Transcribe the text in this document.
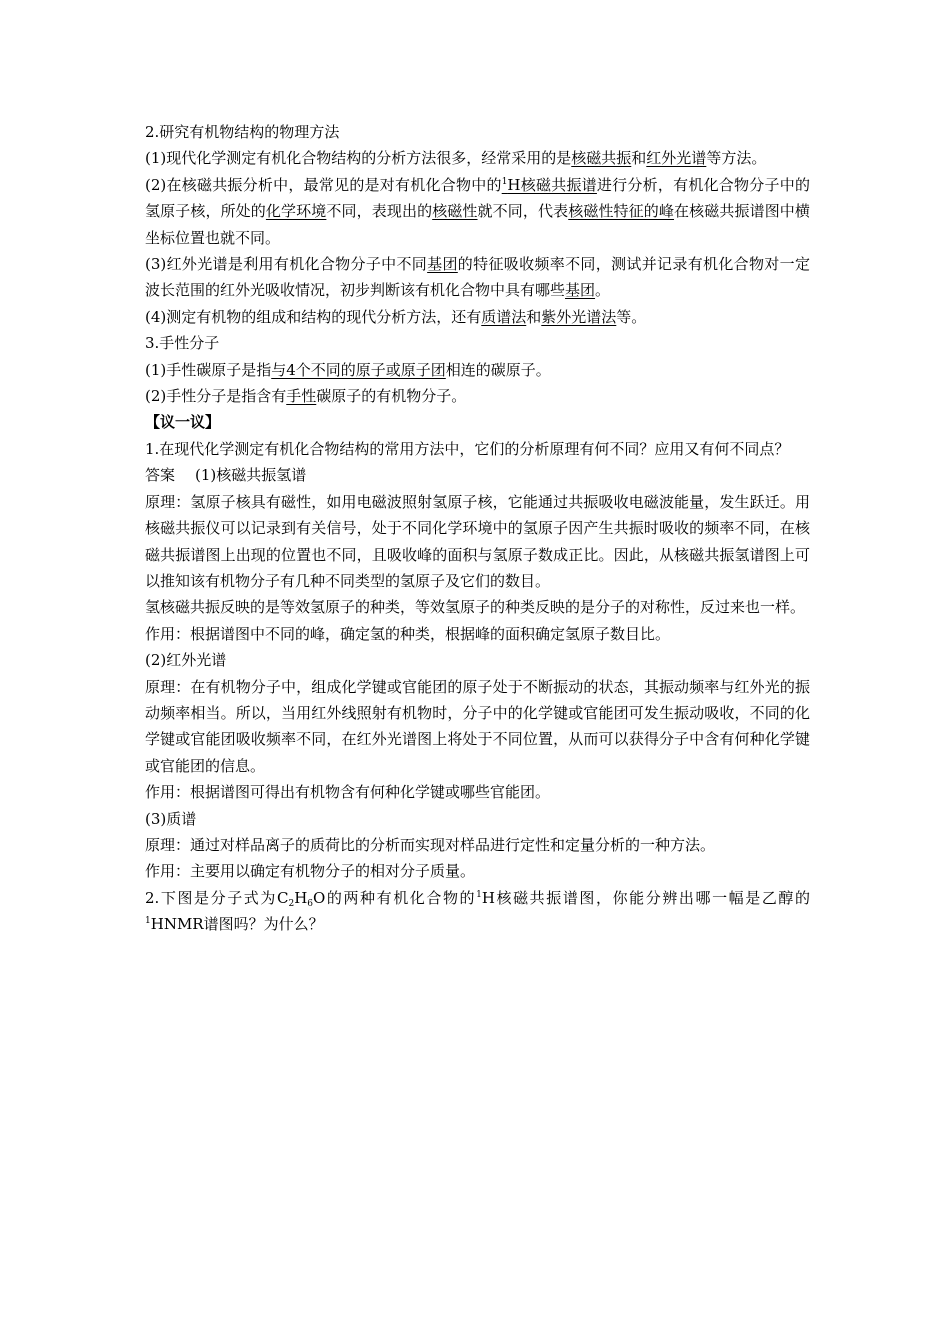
2.研究有机物结构的物理方法

(1)现代化学测定有机化合物结构的分析方法很多，经常采用的是核磁共振和红外光谱等方法。

(2)在核磁共振分析中，最常见的是对有机化合物中的$^1$H核磁共振谱进行分析，有机化合物分子中的氢原子核，所处的化学环境不同，表现出的核磁性就不同，代表核磁性特征的峰在核磁共振谱图中横坐标位置也就不同。

(3)红外光谱是利用有机化合物分子中不同基团的特征吸收频率不同，测试并记录有机化合物对一定波长范围的红外光吸收情况，初步判断该有机化合物中具有哪些基团。

(4)测定有机物的组成和结构的现代分析方法，还有质谱法和紫外光谱法等。

3.手性分子

(1)手性碳原子是指与4个不同的原子或原子团相连的碳原子。

(2)手性分子是指含有手性碳原子的有机物分子。

【议一议】

1.在现代化学测定有机化合物结构的常用方法中，它们的分析原理有何不同？应用又有何不同点？

答案 (1)核磁共振氢谱

原理：氢原子核具有磁性，如用电磁波照射氢原子核，它能通过共振吸收电磁波能量，发生跃迁。用核磁共振仪可以记录到有关信号，处于不同化学环境中的氢原子因产生共振时吸收的频率不同，在核磁共振谱图上出现的位置也不同，且吸收峰的面积与氢原子数成正比。因此，从核磁共振氢谱图上可以推知该有机物分子有几种不同类型的氢原子及它们的数目。

氢核磁共振反映的是等效氢原子的种类，等效氢原子的种类反映的是分子的对称性，反过来也一样。

作用：根据谱图中不同的峰，确定氢的种类，根据峰的面积确定氢原子数目比。

(2)红外光谱

原理：在有机物分子中，组成化学键或官能团的原子处于不断振动的状态，其振动频率与红外光的振动频率相当。所以，当用红外线照射有机物时，分子中的化学键或官能团可发生振动吸收，不同的化学键或官能团吸收频率不同，在红外光谱图上将处于不同位置，从而可以获得分子中含有何种化学键或官能团的信息。

作用：根据谱图可得出有机物含有何种化学键或哪些官能团。

(3)质谱

原理：通过对样品离子的质荷比的分析而实现对样品进行定性和定量分析的一种方法。

作用：主要用以确定有机物分子的相对分子质量。

2.下图是分子式为$C_2H_6O$的两种有机化合物的$^1$H核磁共振谱图，你能分辨出哪一幅是乙醇的$^1$HNMR谱图吗？为什么？
